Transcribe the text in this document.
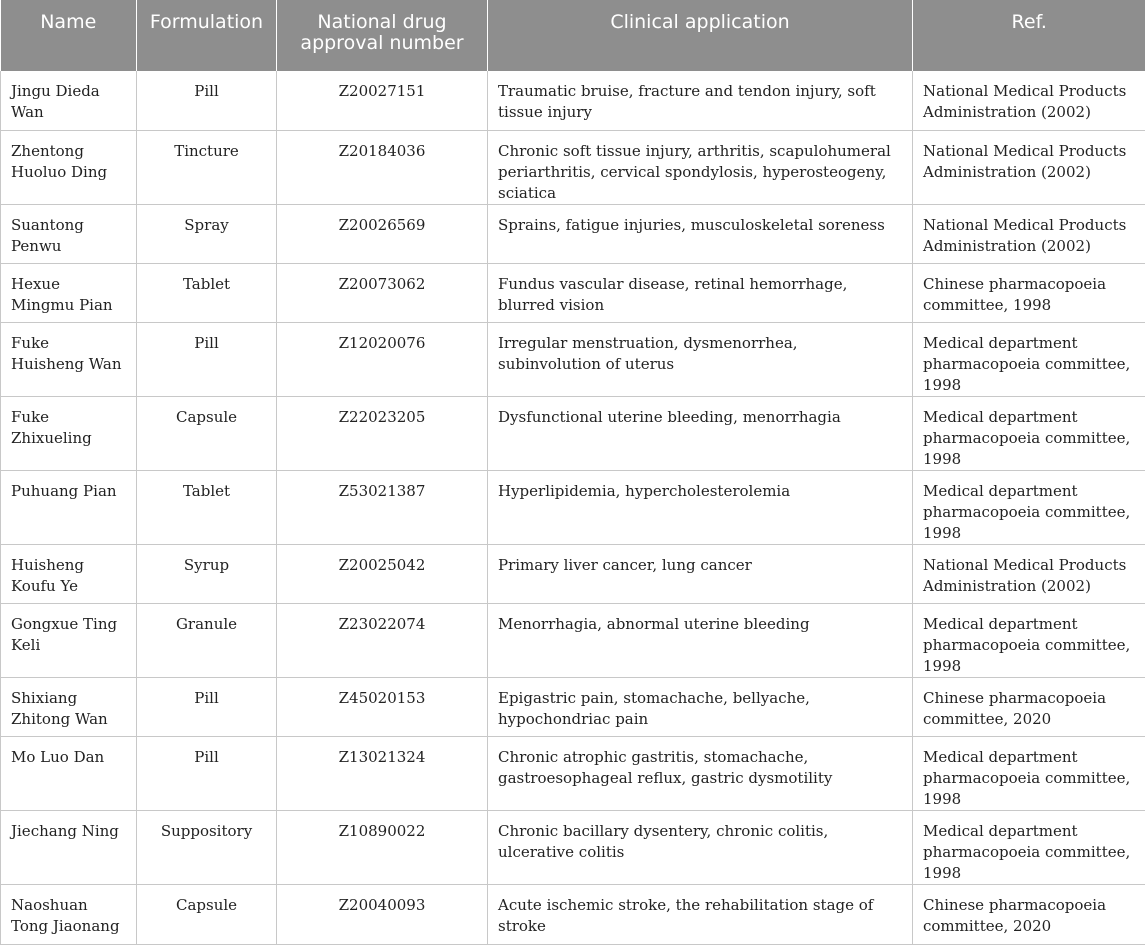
Name	Formulation	National drug approval number	Clinical application	Ref.
Jingu Dieda Wan	Pill	Z20027151	Traumatic bruise, fracture and tendon injury, soft tissue injury	National Medical Products Administration (2002)
Zhentong Huoluo Ding	Tincture	Z20184036	Chronic soft tissue injury, arthritis, scapulohumeral periarthritis, cervical spondylosis, hyperosteogeny, sciatica	National Medical Products Administration (2002)
Suantong Penwu	Spray	Z20026569	Sprains, fatigue injuries, musculoskeletal soreness	National Medical Products Administration (2002)
Hexue Mingmu Pian	Tablet	Z20073062	Fundus vascular disease, retinal hemorrhage, blurred vision	Chinese pharmacopoeia committee, 1998
Fuke Huisheng Wan	Pill	Z12020076	Irregular menstruation, dysmenorrhea, subinvolution of uterus	Medical department pharmacopoeia committee, 1998
Fuke Zhixueling	Capsule	Z22023205	Dysfunctional uterine bleeding, menorrhagia	Medical department pharmacopoeia committee, 1998
Puhuang Pian	Tablet	Z53021387	Hyperlipidemia, hypercholesterolemia	Medical department pharmacopoeia committee, 1998
Huisheng Koufu Ye	Syrup	Z20025042	Primary liver cancer, lung cancer	National Medical Products Administration (2002)
Gongxue Ting Keli	Granule	Z23022074	Menorrhagia, abnormal uterine bleeding	Medical department pharmacopoeia committee, 1998
Shixiang Zhitong Wan	Pill	Z45020153	Epigastric pain, stomachache, bellyache, hypochondriac pain	Chinese pharmacopoeia committee, 2020
Mo Luo Dan	Pill	Z13021324	Chronic atrophic gastritis, stomachache, gastroesophageal reflux, gastric dysmotility	Medical department pharmacopoeia committee, 1998
Jiechang Ning	Suppository	Z10890022	Chronic bacillary dysentery, chronic colitis, ulcerative colitis	Medical department pharmacopoeia committee, 1998
Naoshuan Tong Jiaonang	Capsule	Z20040093	Acute ischemic stroke, the rehabilitation stage of stroke	Chinese pharmacopoeia committee, 2020
